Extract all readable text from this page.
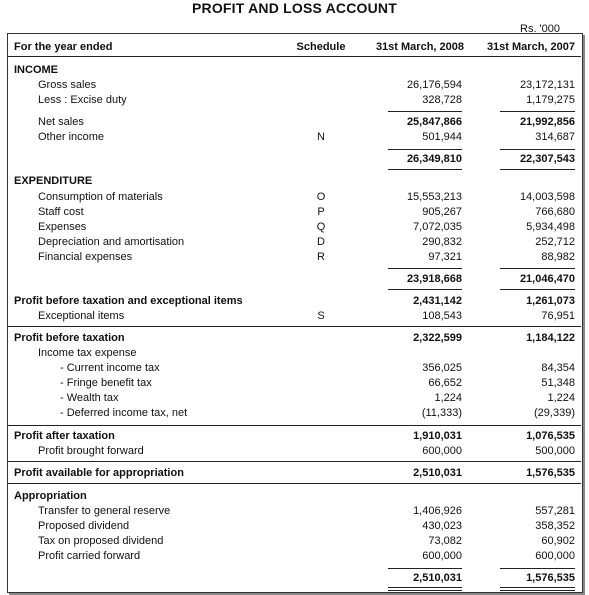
PROFIT AND LOSS ACCOUNT
Rs. '000
For the year ended	Schedule	31st March, 2008	31st March, 2007
INCOME
Gross sales	26,176,594	23,172,131
Less : Excise duty	328,728	1,179,275
Net sales	25,847,866	21,992,856
Other income	N	501,944	314,687
26,349,810	22,307,543
EXPENDITURE
Consumption of materials	O	15,553,213	14,003,598
Staff cost	P	905,267	766,680
Expenses	Q	7,072,035	5,934,498
Depreciation and amortisation	D	290,832	252,712
Financial expenses	R	97,321	88,982
23,918,668	21,046,470
Profit before taxation and exceptional items	2,431,142	1,261,073
Exceptional items	S	108,543	76,951
Profit before taxation	2,322,599	1,184,122
Income tax expense
- Current income tax	356,025	84,354
- Fringe benefit tax	66,652	51,348
- Wealth tax	1,224	1,224
- Deferred income tax, net	(11,333)	(29,339)
Profit after taxation	1,910,031	1,076,535
Profit brought forward	600,000	500,000
Profit available for appropriation	2,510,031	1,576,535
Appropriation
Transfer to general reserve	1,406,926	557,281
Proposed dividend	430,023	358,352
Tax on proposed dividend	73,082	60,902
Profit carried forward	600,000	600,000
2,510,031	1,576,535
